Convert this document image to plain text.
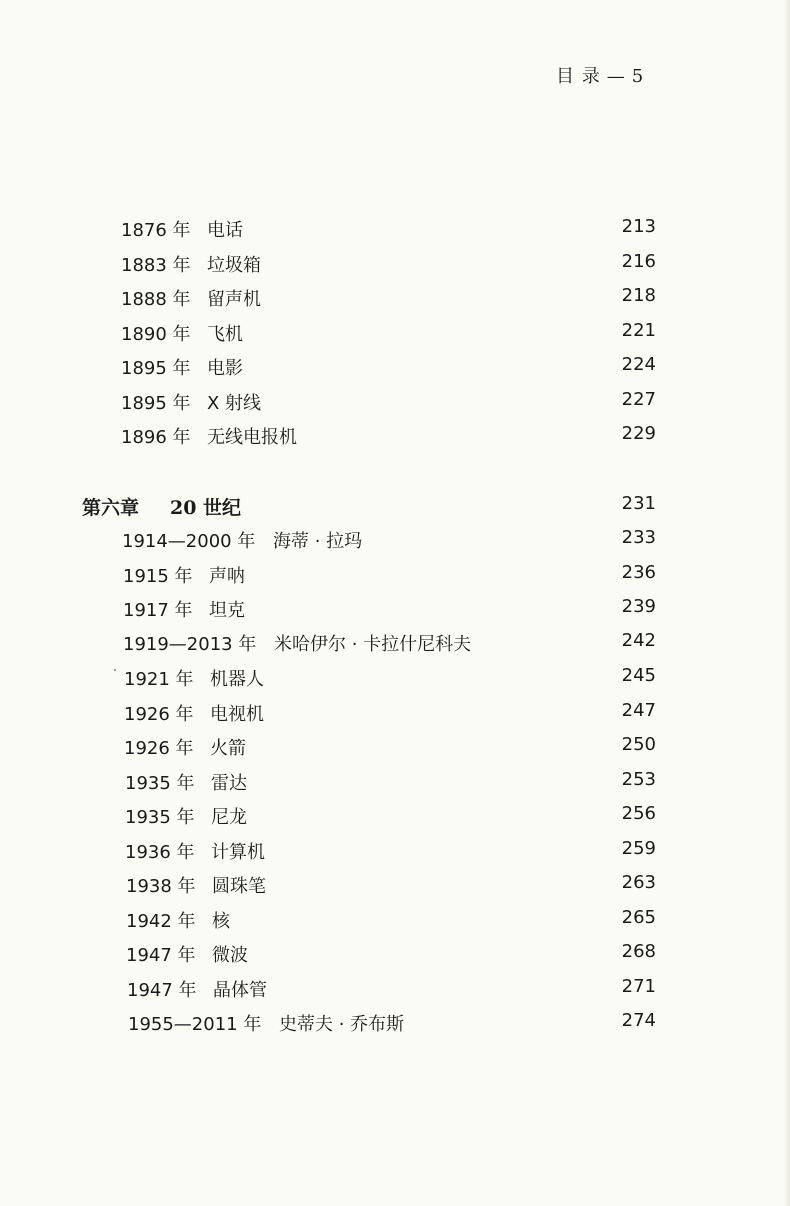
目 录 — 5
1876 年 电话	213
1883 年 垃圾箱	216
1888 年 留声机	218
1890 年 飞机	221
1895 年 电影	224
1895 年 X 射线	227
1896 年 无线电报机	229
第六章 20 世纪	231
1914—2000 年 海蒂 · 拉玛	233
1915 年 声呐	236
1917 年 坦克	239
1919—2013 年 米哈伊尔 · 卡拉什尼科夫	242
1921 年 机器人	245
1926 年 电视机	247
1926 年 火箭	250
1935 年 雷达	253
1935 年 尼龙	256
1936 年 计算机	259
1938 年 圆珠笔	263
1942 年 核	265
1947 年 微波	268
1947 年 晶体管	271
1955—2011 年 史蒂夫 · 乔布斯	274
